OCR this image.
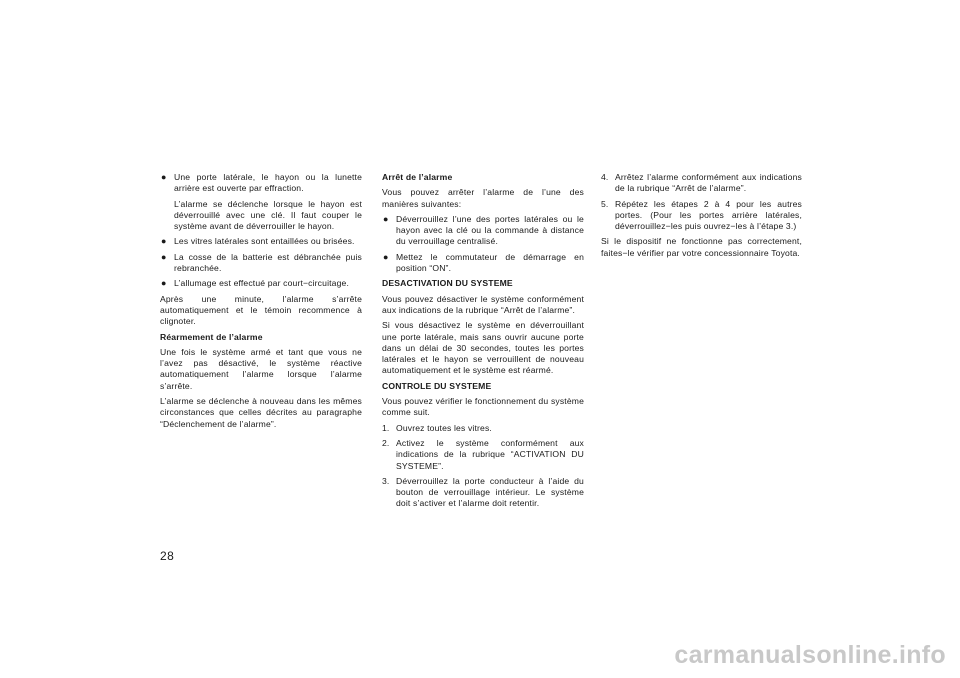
● Une porte latérale, le hayon ou la lunette arrière est ouverte par effraction.
L’alarme se déclenche lorsque le hayon est déverrouillé avec une clé. Il faut couper le système avant de déverrouiller le hayon.
● Les vitres latérales sont entaillées ou brisées.
● La cosse de la batterie est débranchée puis rebranchée.
● L’allumage est effectué par court−circuitage.
Après une minute, l’alarme s’arrête automatiquement et le témoin recommence à clignoter.
Réarmement de l’alarme
Une fois le système armé et tant que vous ne l’avez pas désactivé, le système réactive automatiquement l’alarme lorsque l’alarme s’arrête.
L’alarme se déclenche à nouveau dans les mêmes circonstances que celles décrites au paragraphe “Déclenchement de l’alarme”.
Arrêt de l’alarme
Vous pouvez arrêter l’alarme de l’une des manières suivantes:
● Déverrouillez l’une des portes latérales ou le hayon avec la clé ou la commande à distance du verrouillage centralisé.
● Mettez le commutateur de démarrage en position “ON”.
DESACTIVATION DU SYSTEME
Vous pouvez désactiver le système conformément aux indications de la rubrique “Arrêt de l’alarme”.
Si vous désactivez le système en déverrouillant une porte latérale, mais sans ouvrir aucune porte dans un délai de 30 secondes, toutes les portes latérales et le hayon se verrouillent de nouveau automatiquement et le système est réarmé.
CONTROLE DU SYSTEME
Vous pouvez vérifier le fonctionnement du système comme suit.
1. Ouvrez toutes les vitres.
2. Activez le système conformément aux indications de la rubrique “ACTIVATION DU SYSTEME”.
3. Déverrouillez la porte conducteur à l’aide du bouton de verrouillage intérieur. Le système doit s’activer et l’alarme doit retentir.
4. Arrêtez l’alarme conformément aux indications de la rubrique “Arrêt de l’alarme”.
5. Répétez les étapes 2 à 4 pour les autres portes. (Pour les portes arrière latérales, déverrouillez−les puis ouvrez−les à l’étape 3.)
Si le dispositif ne fonctionne pas correctement, faites−le vérifier par votre concessionnaire Toyota.
28
carmanualsonline.info
